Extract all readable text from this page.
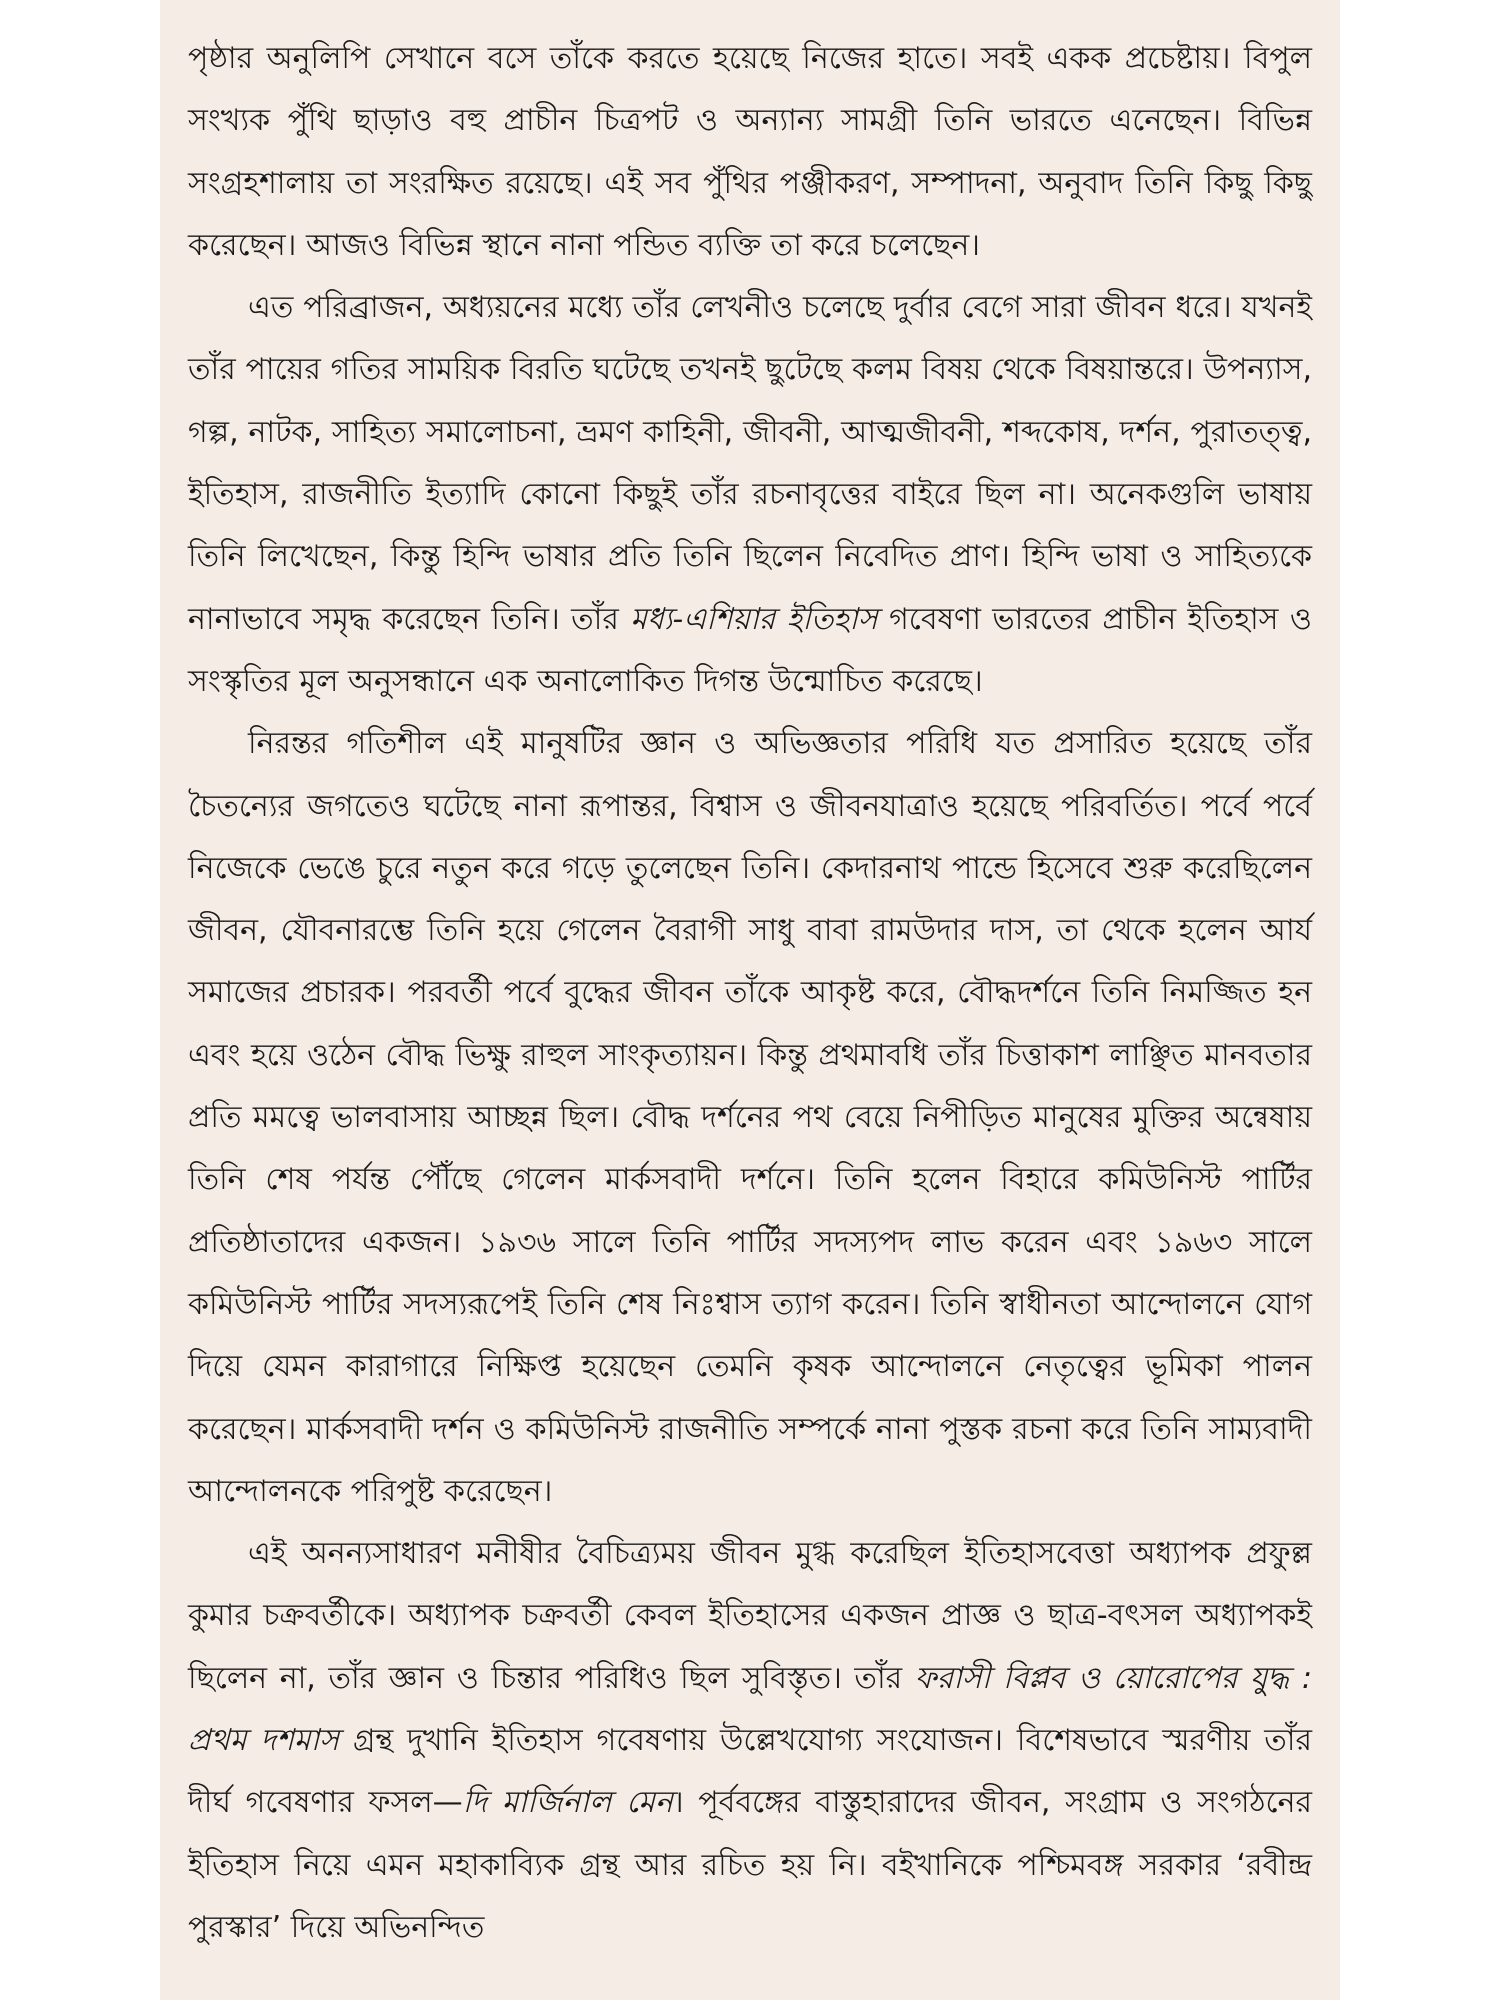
পৃষ্ঠার অনুলিপি সেখানে বসে তাঁকে করতে হয়েছে নিজের হাতে। সবই একক প্রচেষ্টায়। বিপুল সংখ্যক পুঁথি ছাড়াও বহু প্রাচীন চিত্রপট ও অন্যান্য সামগ্রী তিনি ভারতে এনেছেন। বিভিন্ন সংগ্রহশালায় তা সংরক্ষিত রয়েছে। এই সব পুঁথির পঞ্জীকরণ, সম্পাদনা, অনুবাদ তিনি কিছু কিছু করেছেন। আজও বিভিন্ন স্থানে নানা পন্ডিত ব্যক্তি তা করে চলেছেন।

এত পরিব্রাজন, অধ্যয়নের মধ্যে তাঁর লেখনীও চলেছে দুর্বার বেগে সারা জীবন ধরে। যখনই তাঁর পায়ের গতির সাময়িক বিরতি ঘটেছে তখনই ছুটেছে কলম বিষয় থেকে বিষয়ান্তরে। উপন্যাস, গল্প, নাটক, সাহিত্য সমালোচনা, ভ্রমণ কাহিনী, জীবনী, আত্মজীবনী, শব্দকোষ, দর্শন, পুরাতত্ত্ব, ইতিহাস, রাজনীতি ইত্যাদি কোনো কিছুই তাঁর রচনাবৃত্তের বাইরে ছিল না। অনেকগুলি ভাষায় তিনি লিখেছেন, কিন্তু হিন্দি ভাষার প্রতি তিনি ছিলেন নিবেদিত প্রাণ। হিন্দি ভাষা ও সাহিত্যকে নানাভাবে সমৃদ্ধ করেছেন তিনি। তাঁর মধ্য-এশিয়ার ইতিহাস গবেষণা ভারতের প্রাচীন ইতিহাস ও সংস্কৃতির মূল অনুসন্ধানে এক অনালোকিত দিগন্ত উন্মোচিত করেছে।

নিরন্তর গতিশীল এই মানুষটির জ্ঞান ও অভিজ্ঞতার পরিধি যত প্রসারিত হয়েছে তাঁর চৈতন্যের জগতেও ঘটেছে নানা রূপান্তর, বিশ্বাস ও জীবনযাত্রাও হয়েছে পরিবর্তিত। পর্বে পর্বে নিজেকে ভেঙে চুরে নতুন করে গড়ে তুলেছেন তিনি। কেদারনাথ পান্ডে হিসেবে শুরু করেছিলেন জীবন, যৌবনারম্ভে তিনি হয়ে গেলেন বৈরাগী সাধু বাবা রামউদার দাস, তা থেকে হলেন আর্য সমাজের প্রচারক। পরবর্তী পর্বে বুদ্ধের জীবন তাঁকে আকৃষ্ট করে, বৌদ্ধদর্শনে তিনি নিমজ্জিত হন এবং হয়ে ওঠেন বৌদ্ধ ভিক্ষু রাহুল সাংকৃত্যায়ন। কিন্তু প্রথমাবধি তাঁর চিত্তাকাশ লাঞ্ছিত মানবতার প্রতি মমত্বে ভালবাসায় আচ্ছন্ন ছিল। বৌদ্ধ দর্শনের পথ বেয়ে নিপীড়িত মানুষের মুক্তির অন্বেষায় তিনি শেষ পর্যন্ত পৌঁছে গেলেন মার্কসবাদী দর্শনে। তিনি হলেন বিহারে কমিউনিস্ট পার্টির প্রতিষ্ঠাতাদের একজন। ১৯৩৬ সালে তিনি পার্টির সদস্যপদ লাভ করেন এবং ১৯৬৩ সালে কমিউনিস্ট পার্টির সদস্যরূপেই তিনি শেষ নিঃশ্বাস ত্যাগ করেন। তিনি স্বাধীনতা আন্দোলনে যোগ দিয়ে যেমন কারাগারে নিক্ষিপ্ত হয়েছেন তেমনি কৃষক আন্দোলনে নেতৃত্বের ভূমিকা পালন করেছেন। মার্কসবাদী দর্শন ও কমিউনিস্ট রাজনীতি সম্পর্কে নানা পুস্তক রচনা করে তিনি সাম্যবাদী আন্দোলনকে পরিপুষ্ট করেছেন।

এই অনন্যসাধারণ মনীষীর বৈচিত্র্যময় জীবন মুগ্ধ করেছিল ইতিহাসবেত্তা অধ্যাপক প্রফুল্ল কুমার চক্রবর্তীকে। অধ্যাপক চক্রবর্তী কেবল ইতিহাসের একজন প্রাজ্ঞ ও ছাত্র-বৎসল অধ্যাপকই ছিলেন না, তাঁর জ্ঞান ও চিন্তার পরিধিও ছিল সুবিস্তৃত। তাঁর ফরাসী বিপ্লব ও য়োরোপের যুদ্ধ : প্রথম দশমাস গ্রন্থ দুখানি ইতিহাস গবেষণায় উল্লেখযোগ্য সংযোজন। বিশেষভাবে স্মরণীয় তাঁর দীর্ঘ গবেষণার ফসল—দি মার্জিনাল মেন। পূর্ববঙ্গের বাস্তুহারাদের জীবন, সংগ্রাম ও সংগঠনের ইতিহাস নিয়ে এমন মহাকাব্যিক গ্রন্থ আর রচিত হয় নি। বইখানিকে পশ্চিমবঙ্গ সরকার ‘রবীন্দ্র পুরস্কার’ দিয়ে অভিনন্দিত
